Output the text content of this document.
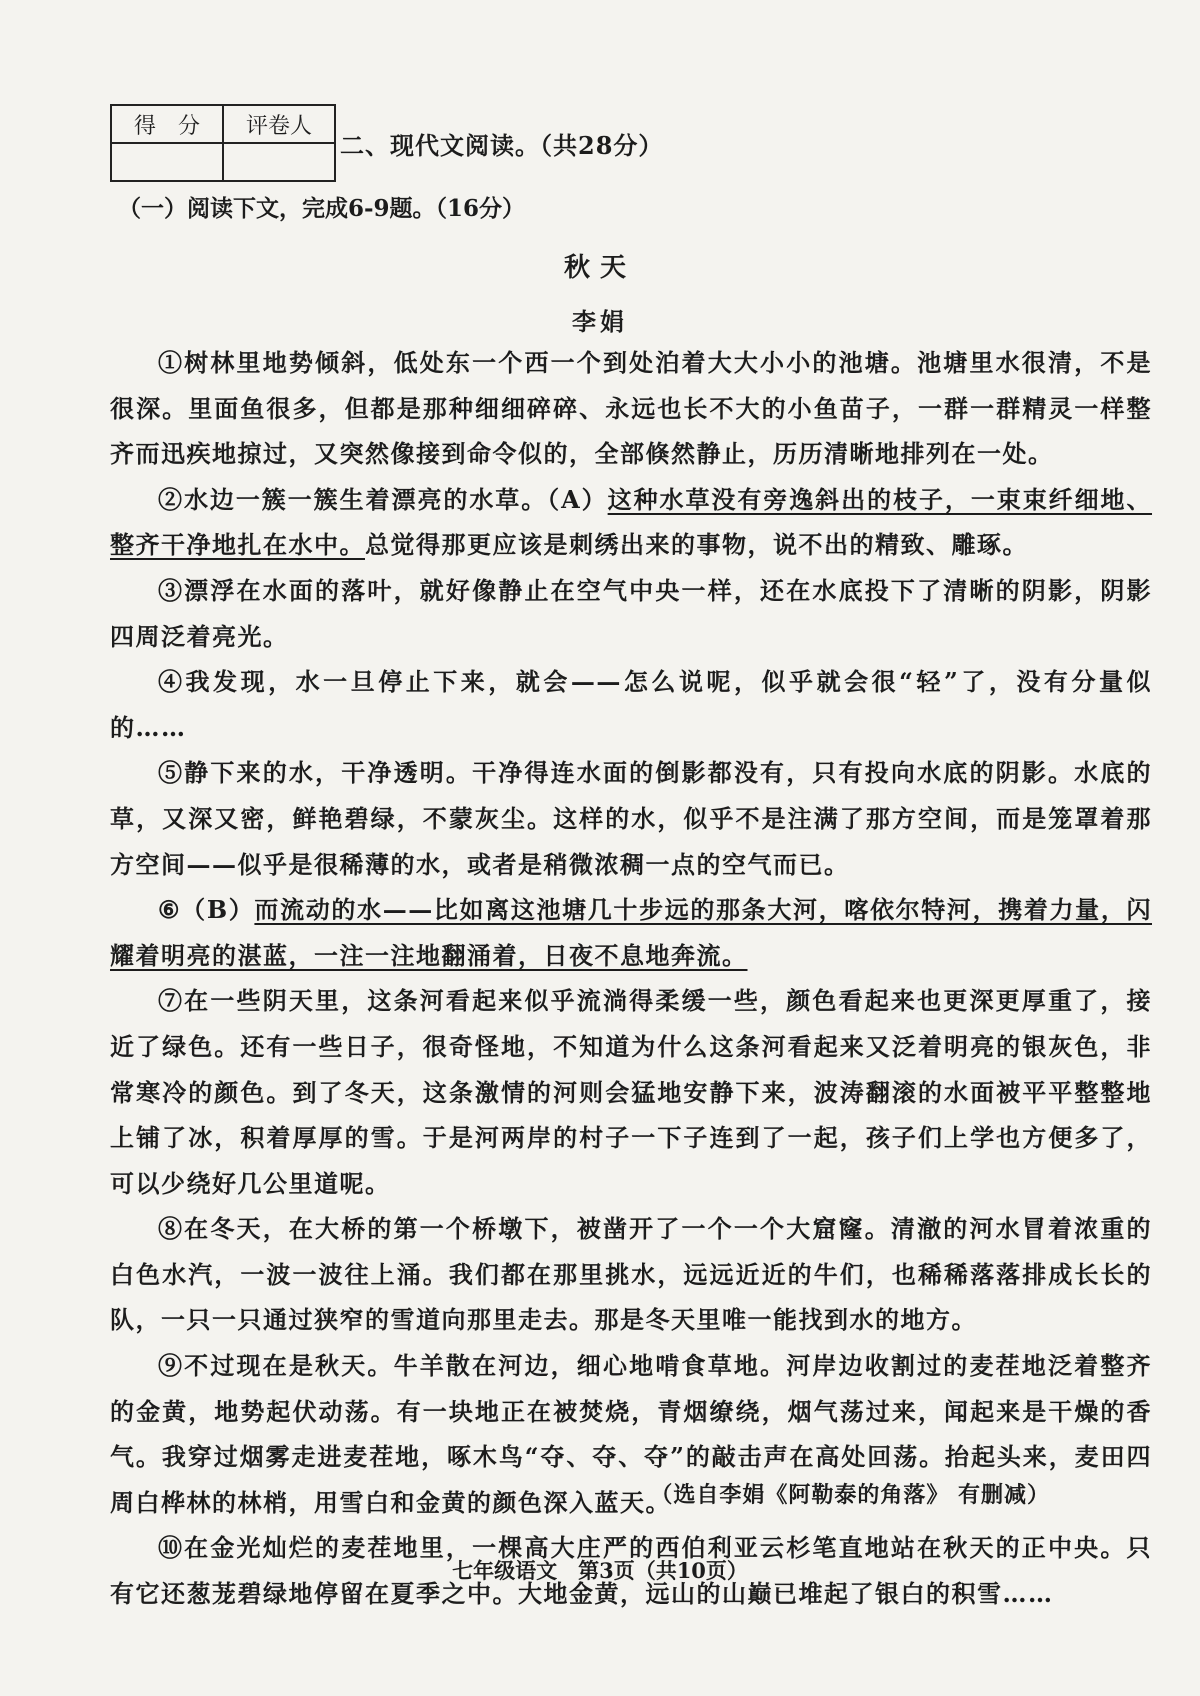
得　分	评卷人

二、现代文阅读。（共28分）
（一）阅读下文，完成6-9题。（16分）
秋天
李娟

①树林里地势倾斜，低处东一个西一个到处泊着大大小小的池塘。池塘里水很清，不是很深。里面鱼很多，但都是那种细细碎碎、永远也长不大的小鱼苗子，一群一群精灵一样整齐而迅疾地掠过，又突然像接到命令似的，全部倏然静止，历历清晰地排列在一处。

②水边一簇一簇生着漂亮的水草。（A）这种水草没有旁逸斜出的枝子，一束束纤细地、整齐干净地扎在水中。总觉得那更应该是刺绣出来的事物，说不出的精致、雕琢。

③漂浮在水面的落叶，就好像静止在空气中央一样，还在水底投下了清晰的阴影，阴影四周泛着亮光。

④我发现，水一旦停止下来，就会——怎么说呢，似乎就会很“轻”了，没有分量似的……

⑤静下来的水，干净透明。干净得连水面的倒影都没有，只有投向水底的阴影。水底的草，又深又密，鲜艳碧绿，不蒙灰尘。这样的水，似乎不是注满了那方空间，而是笼罩着那方空间——似乎是很稀薄的水，或者是稍微浓稠一点的空气而已。

⑥（B）而流动的水——比如离这池塘几十步远的那条大河，喀依尔特河，携着力量，闪耀着明亮的湛蓝，一注一注地翻涌着，日夜不息地奔流。

⑦在一些阴天里，这条河看起来似乎流淌得柔缓一些，颜色看起来也更深更厚重了，接近了绿色。还有一些日子，很奇怪地，不知道为什么这条河看起来又泛着明亮的银灰色，非常寒冷的颜色。到了冬天，这条激情的河则会猛地安静下来，波涛翻滚的水面被平平整整地上铺了冰，积着厚厚的雪。于是河两岸的村子一下子连到了一起，孩子们上学也方便多了，可以少绕好几公里道呢。

⑧在冬天，在大桥的第一个桥墩下，被凿开了一个一个大窟窿。清澈的河水冒着浓重的白色水汽，一波一波往上涌。我们都在那里挑水，远远近近的牛们，也稀稀落落排成长长的队，一只一只通过狭窄的雪道向那里走去。那是冬天里唯一能找到水的地方。

⑨不过现在是秋天。牛羊散在河边，细心地啃食草地。河岸边收割过的麦茬地泛着整齐的金黄，地势起伏动荡。有一块地正在被焚烧，青烟缭绕，烟气荡过来，闻起来是干燥的香气。我穿过烟雾走进麦茬地，啄木鸟“夺、夺、夺”的敲击声在高处回荡。抬起头来，麦田四周白桦林的林梢，用雪白和金黄的颜色深入蓝天。

⑩在金光灿烂的麦茬地里，一棵高大庄严的西伯利亚云杉笔直地站在秋天的正中央。只有它还葱茏碧绿地停留在夏季之中。大地金黄，远山的山巅已堆起了银白的积雪……

（选自李娟《阿勒泰的角落》 有删减）
七年级语文　第3页（共10页）
